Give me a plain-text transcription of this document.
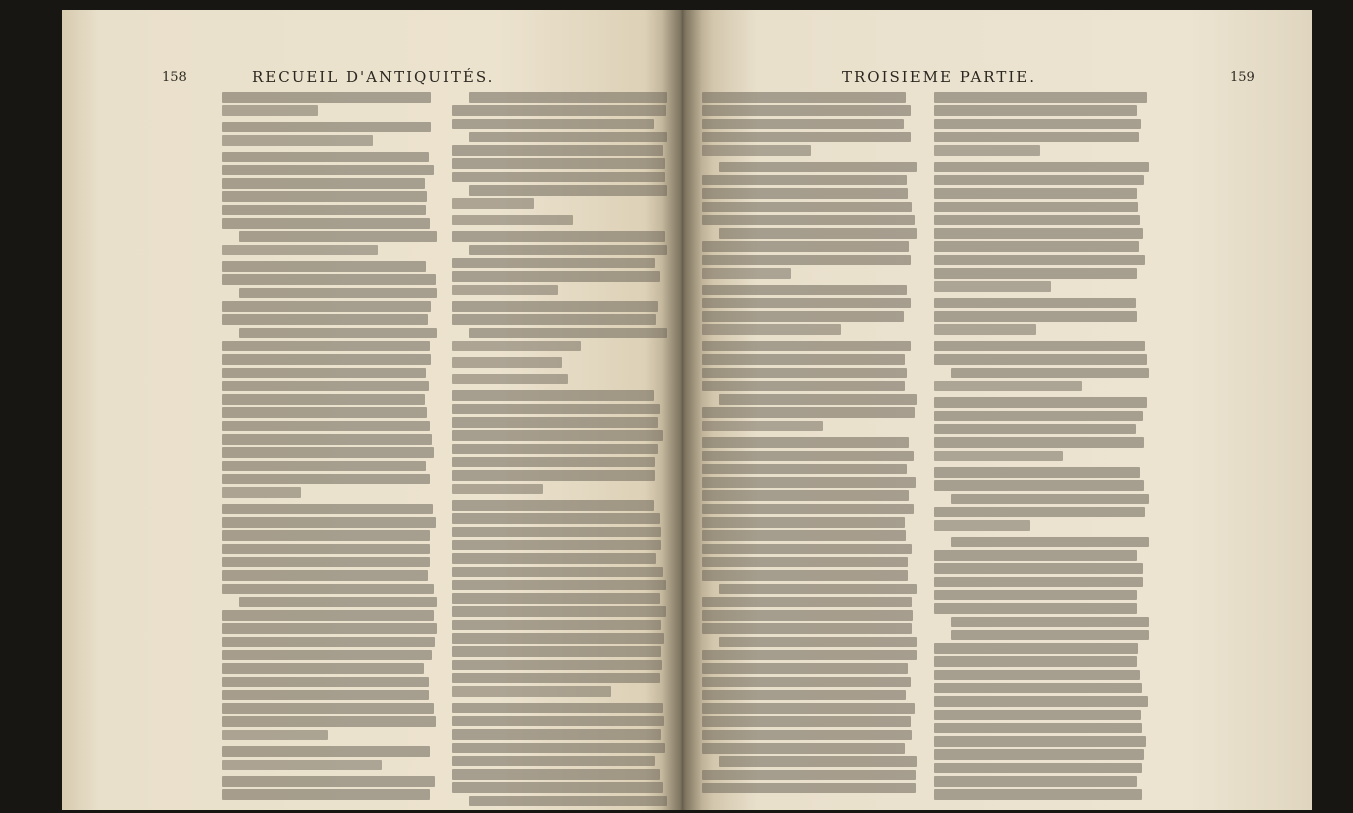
158	RECUEIL D'ANTIQUITÉS.	TROISIEME PARTIE.	159
